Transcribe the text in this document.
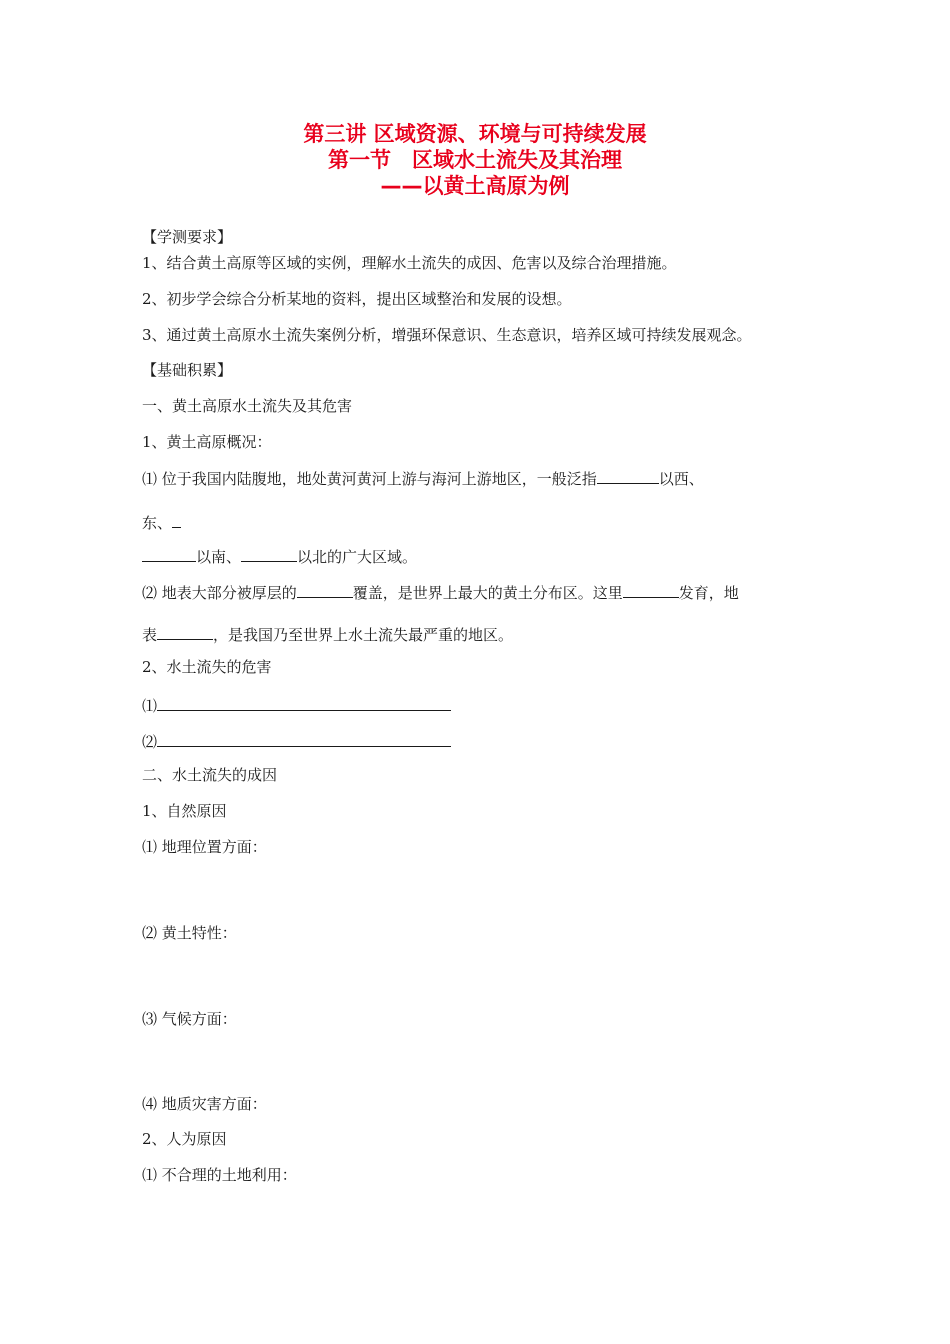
第三讲 区域资源、环境与可持续发展
第一节　区域水土流失及其治理
——以黄土高原为例
【学测要求】
1、结合黄土高原等区域的实例，理解水土流失的成因、危害以及综合治理措施。
2、初步学会综合分析某地的资料，提出区域整治和发展的设想。
3、通过黄土高原水土流失案例分析，增强环保意识、生态意识，培养区域可持续发展观念。
【基础积累】
一、黄土高原水土流失及其危害
1、黄土高原概况：
⑴ 位于我国内陆腹地，地处黄河黄河上游与海河上游地区，一般泛指	以西、
东、
以南、	以北的广大区域。
⑵ 地表大部分被厚层的	覆盖，是世界上最大的黄土分布区。这里	发育，地
表	，是我国乃至世界上水土流失最严重的地区。
2、水土流失的危害
⑴
⑵
二、水土流失的成因
1、自然原因
⑴ 地理位置方面：
⑵ 黄土特性：
⑶ 气候方面：
⑷ 地质灾害方面：
2、人为原因
⑴ 不合理的土地利用：
